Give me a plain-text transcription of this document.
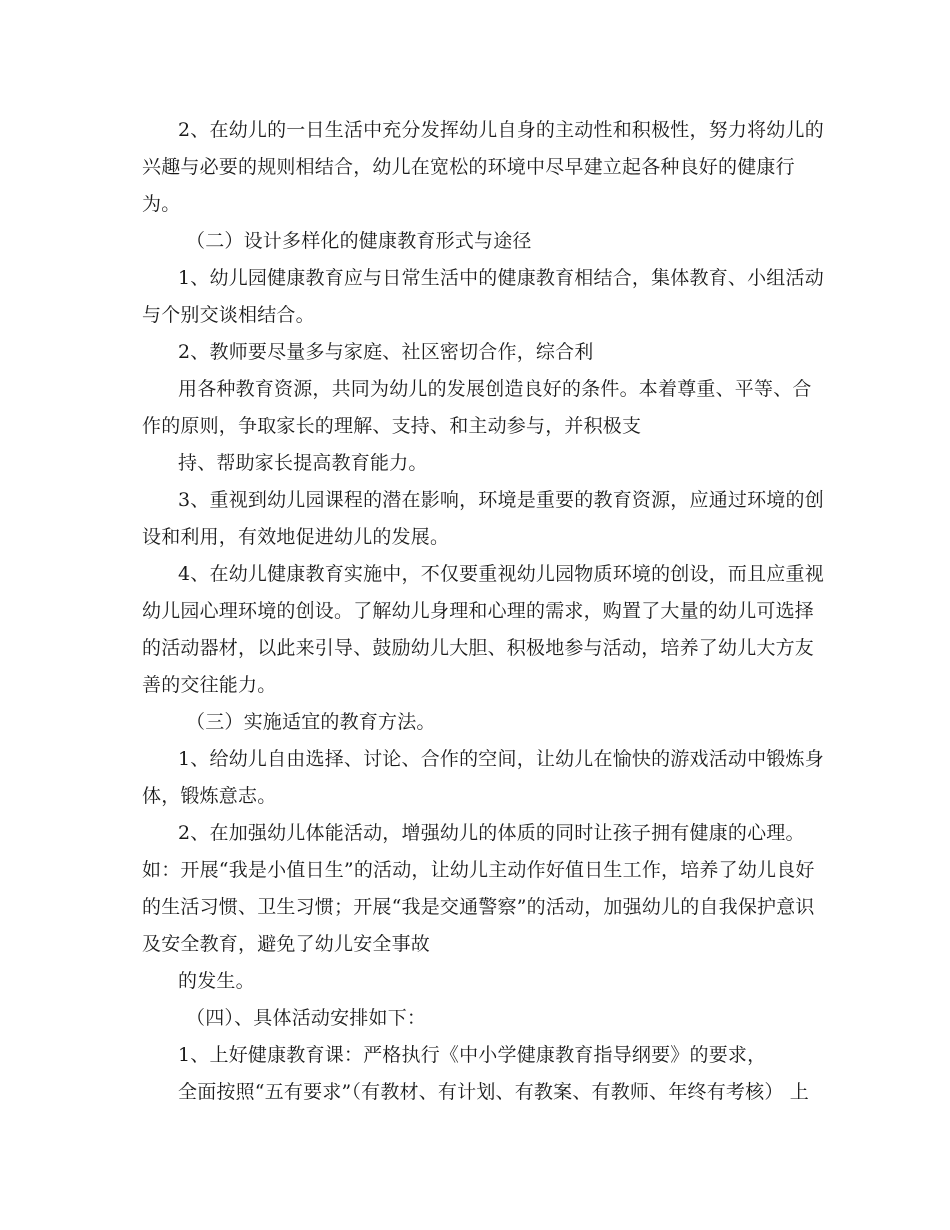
2、在幼儿的一日生活中充分发挥幼儿自身的主动性和积极性，努力将幼儿的
兴趣与必要的规则相结合，幼儿在宽松的环境中尽早建立起各种良好的健康行
为。
（二）设计多样化的健康教育形式与途径
1、幼儿园健康教育应与日常生活中的健康教育相结合，集体教育、小组活动
与个别交谈相结合。
2、教师要尽量多与家庭、社区密切合作，综合利
用各种教育资源，共同为幼儿的发展创造良好的条件。本着尊重、平等、合
作的原则，争取家长的理解、支持、和主动参与，并积极支
持、帮助家长提高教育能力。
3、重视到幼儿园课程的潜在影响，环境是重要的教育资源，应通过环境的创
设和利用，有效地促进幼儿的发展。
4、在幼儿健康教育实施中，不仅要重视幼儿园物质环境的创设，而且应重视
幼儿园心理环境的创设。了解幼儿身理和心理的需求，购置了大量的幼儿可选择
的活动器材，以此来引导、鼓励幼儿大胆、积极地参与活动，培养了幼儿大方友
善的交往能力。
（三）实施适宜的教育方法。
1、给幼儿自由选择、讨论、合作的空间，让幼儿在愉快的游戏活动中锻炼身
体，锻炼意志。
2、在加强幼儿体能活动，增强幼儿的体质的同时让孩子拥有健康的心理。
如：开展“我是小值日生”的活动，让幼儿主动作好值日生工作，培养了幼儿良好
的生活习惯、卫生习惯；开展“我是交通警察”的活动，加强幼儿的自我保护意识
及安全教育，避免了幼儿安全事故
的发生。
（四）、具体活动安排如下：
1、上好健康教育课：严格执行《中小学健康教育指导纲要》的要求，
全面按照“五有要求”（有教材、有计划、有教案、有教师、年终有考核） 上
